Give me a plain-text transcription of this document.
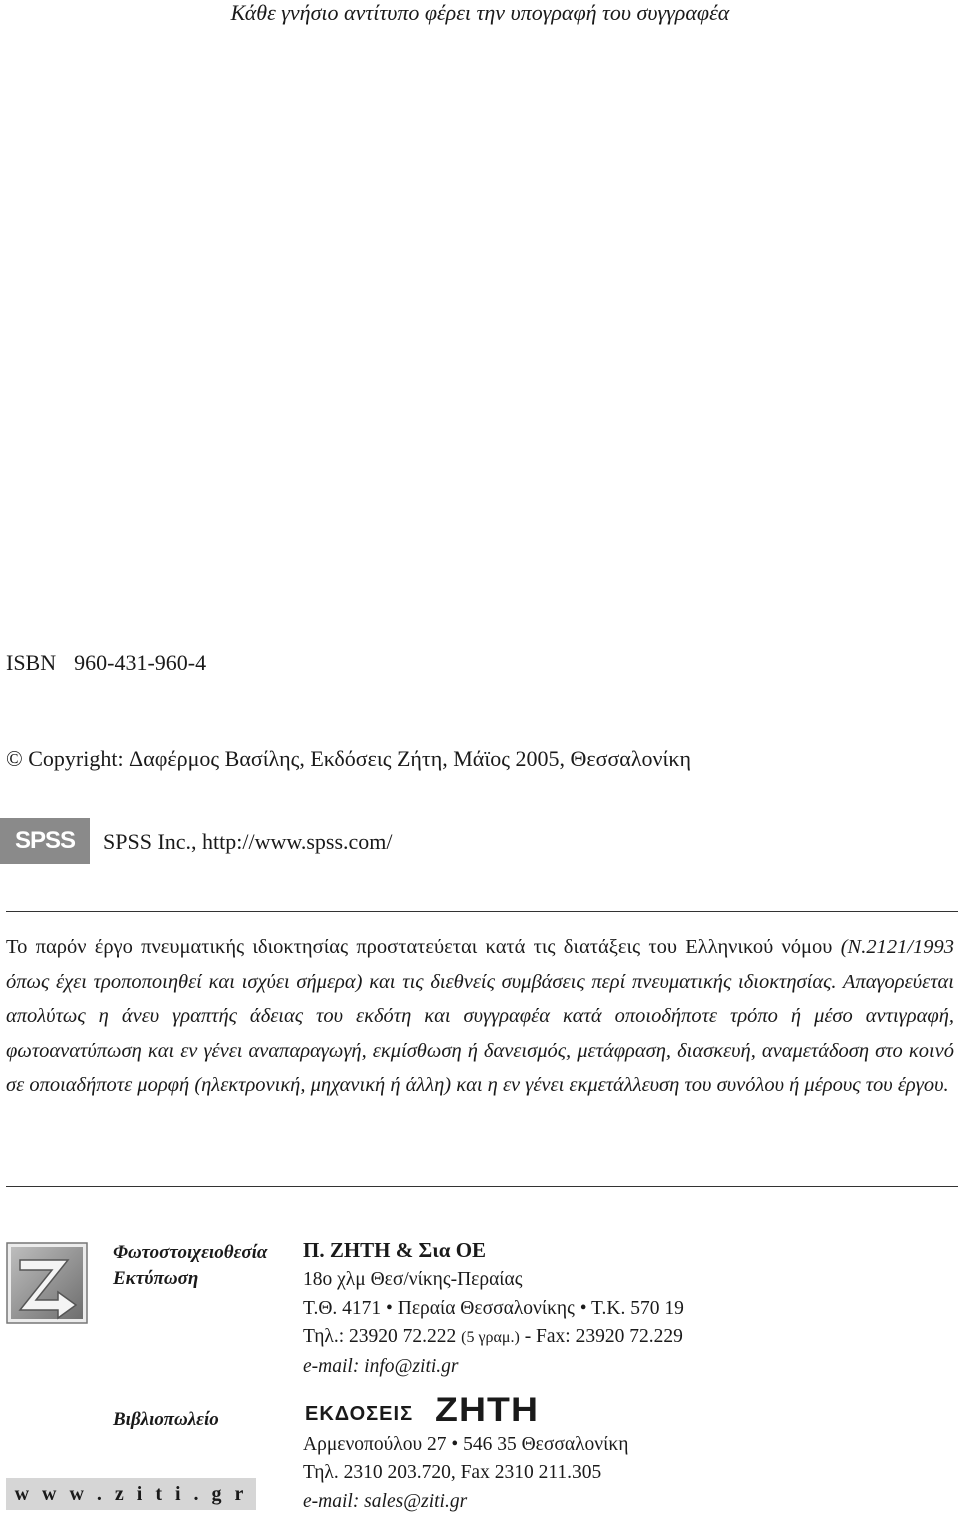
Κάθε γνήσιο αντίτυπο φέρει την υπογραφή του συγγραφέα
ISBN 960-431-960-4
© Copyright: Δαφέρμος Βασίλης, Εκδόσεις Ζήτη, Μάϊος 2005, Θεσσαλονίκη
SPSS	SPSS Inc., http://www.spss.com/
Το παρόν έργο πνευματικής ιδιοκτησίας προστατεύεται κατά τις διατάξεις του Ελληνικού νόμου (Ν.2121/1993 όπως έχει τροποποιηθεί και ισχύει σήμερα) και τις διεθνείς συμβάσεις περί πνευματικής ιδιοκτησίας. Απαγορεύεται απολύτως η άνευ γραπτής άδειας του εκδότη και συγγραφέα κατά οποιοδήποτε τρόπο ή μέσο αντιγραφή, φωτοανατύπωση και εν γένει αναπαραγωγή, εκμίσθωση ή δανεισμός, μετάφραση, διασκευή, αναμετάδοση στο κοινό σε οποιαδήποτε μορφή (ηλεκτρονική, μηχανική ή άλλη) και η εν γένει εκμετάλλευση του συνόλου ή μέρους του έργου.
Φωτοστοιχειοθεσία
Εκτύπωση
Βιβλιοπωλείο
Π. ΖΗΤΗ & Σια ΟΕ
18ο χλμ Θεσ/νίκης-Περαίας
Τ.Θ. 4171 • Περαία Θεσσαλονίκης • Τ.Κ. 570 19
Τηλ.: 23920 72.222 (5 γραμ.) - Fax: 23920 72.229
e-mail: info@ziti.gr
ΕΚΔΟΣΕΙΣ ΖΗΤΗ
Αρμενοπούλου 27 • 546 35 Θεσσαλονίκη
Τηλ. 2310 203.720, Fax 2310 211.305
e-mail: sales@ziti.gr
w w w . z i t i . g r
